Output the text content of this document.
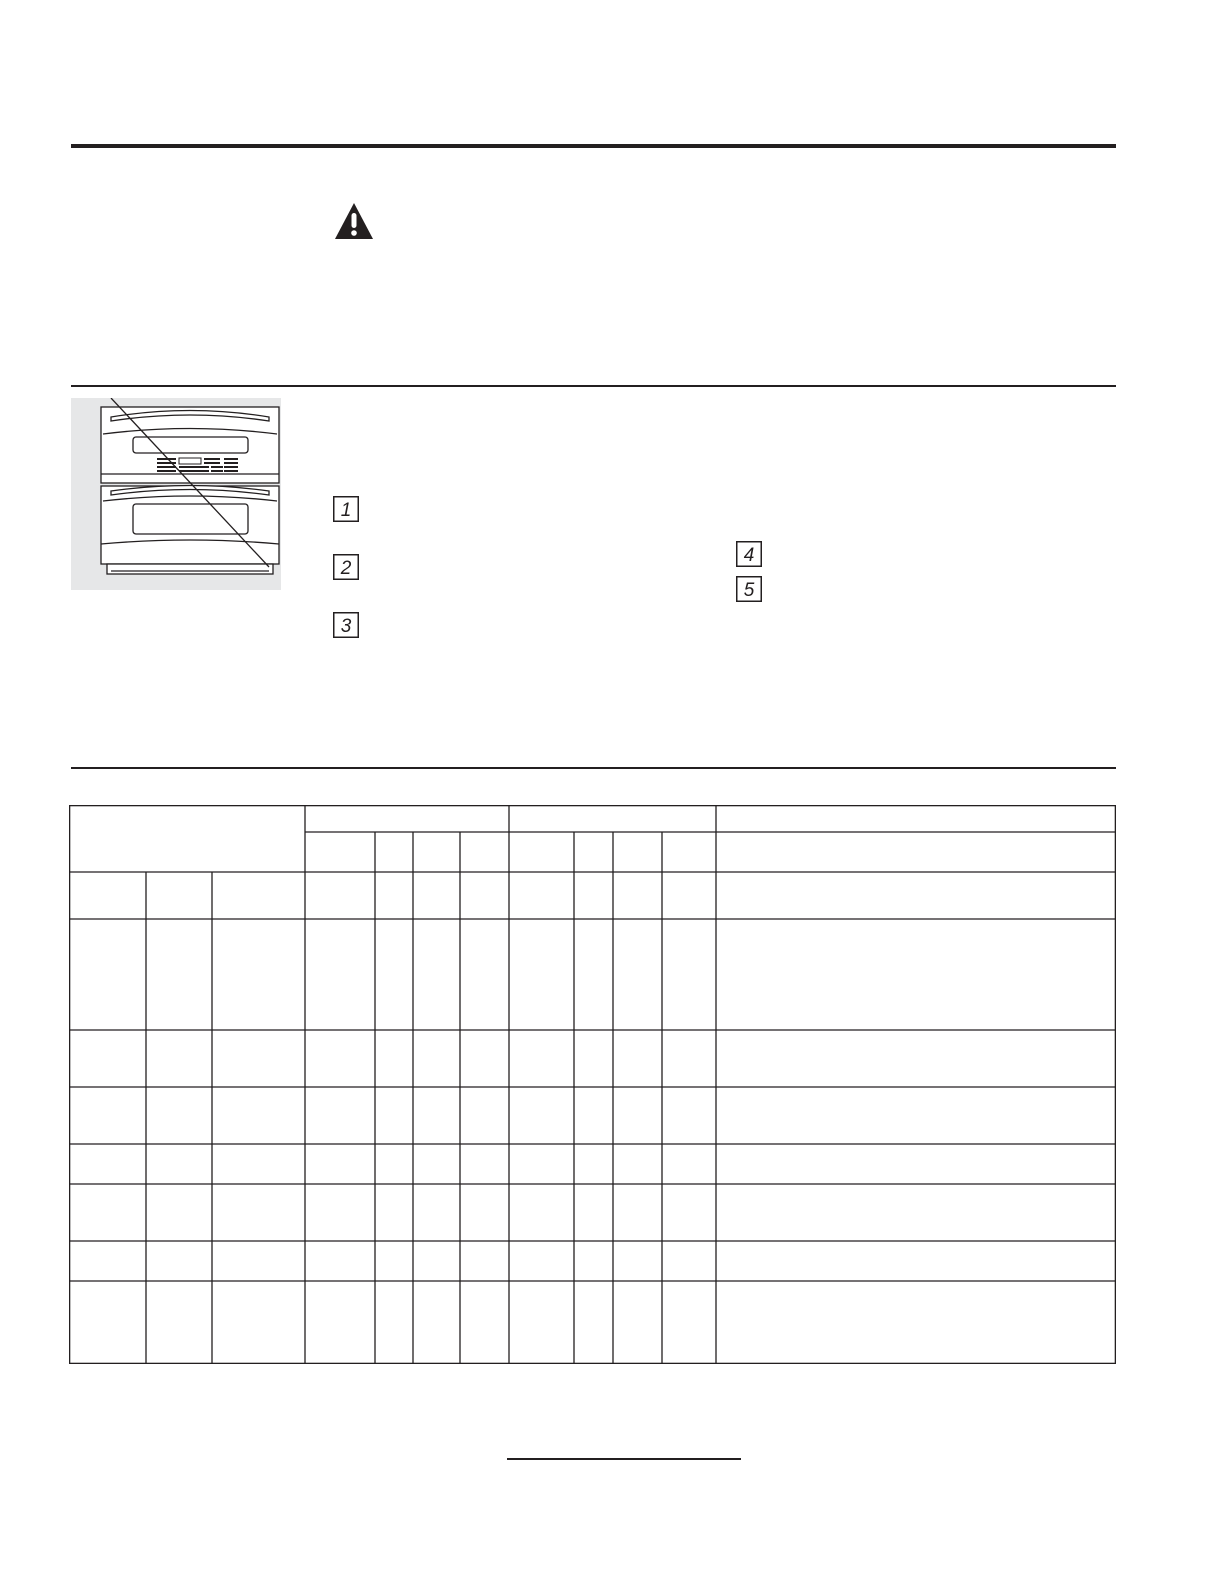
1
2
3
4
5
